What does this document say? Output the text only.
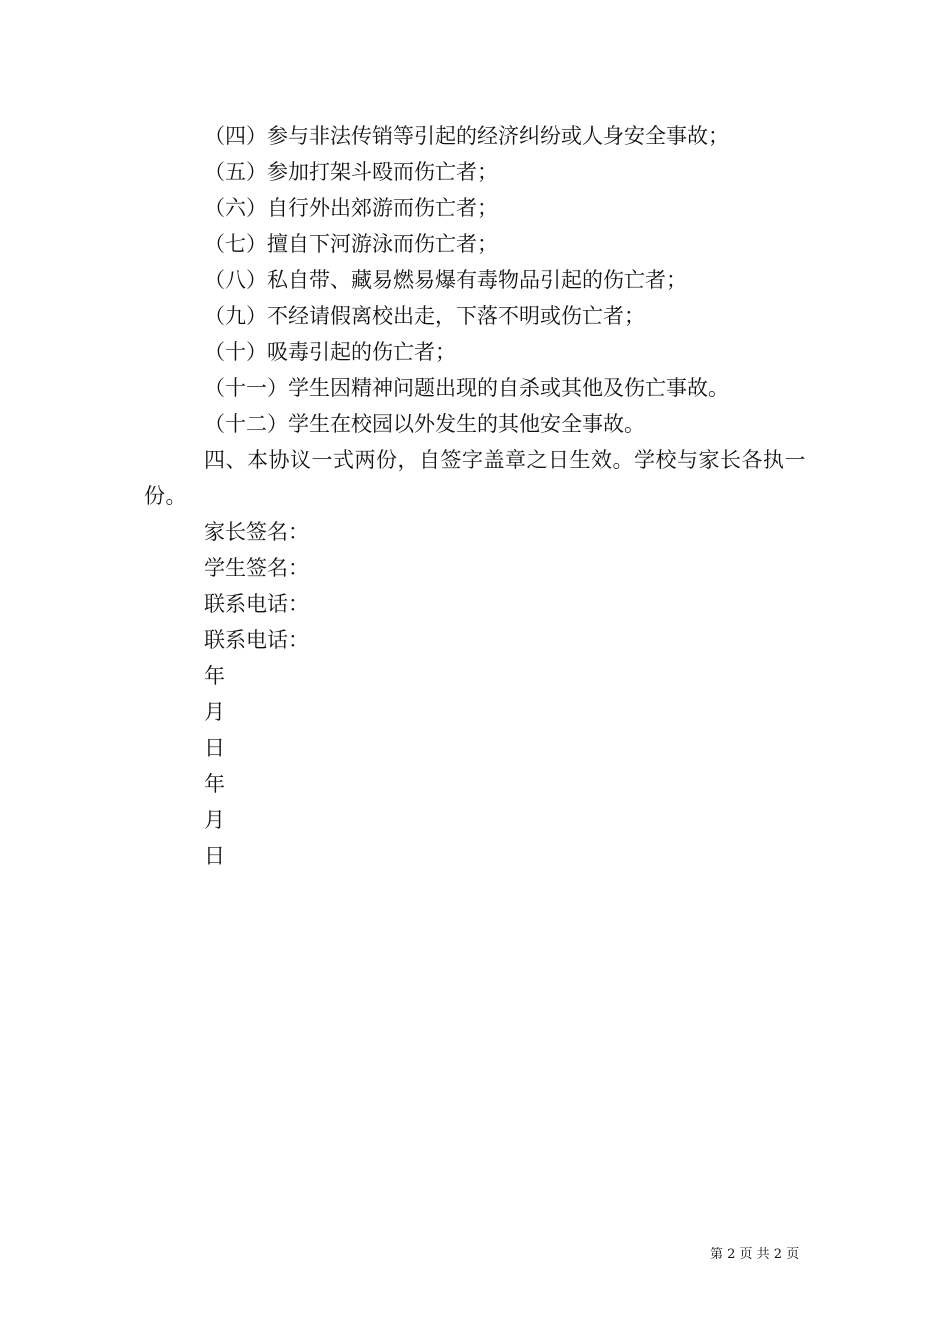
（四）参与非法传销等引起的经济纠纷或人身安全事故；
（五）参加打架斗殴而伤亡者；
（六）自行外出郊游而伤亡者；
（七）擅自下河游泳而伤亡者；
（八）私自带、藏易燃易爆有毒物品引起的伤亡者；
（九）不经请假离校出走，下落不明或伤亡者；
（十）吸毒引起的伤亡者；
（十一）学生因精神问题出现的自杀或其他及伤亡事故。
（十二）学生在校园以外发生的其他安全事故。
四、本协议一式两份，自签字盖章之日生效。学校与家长各执一份。
家长签名：
学生签名：
联系电话：
联系电话：
年
月
日
年
月
日
第 2 页 共 2 页
